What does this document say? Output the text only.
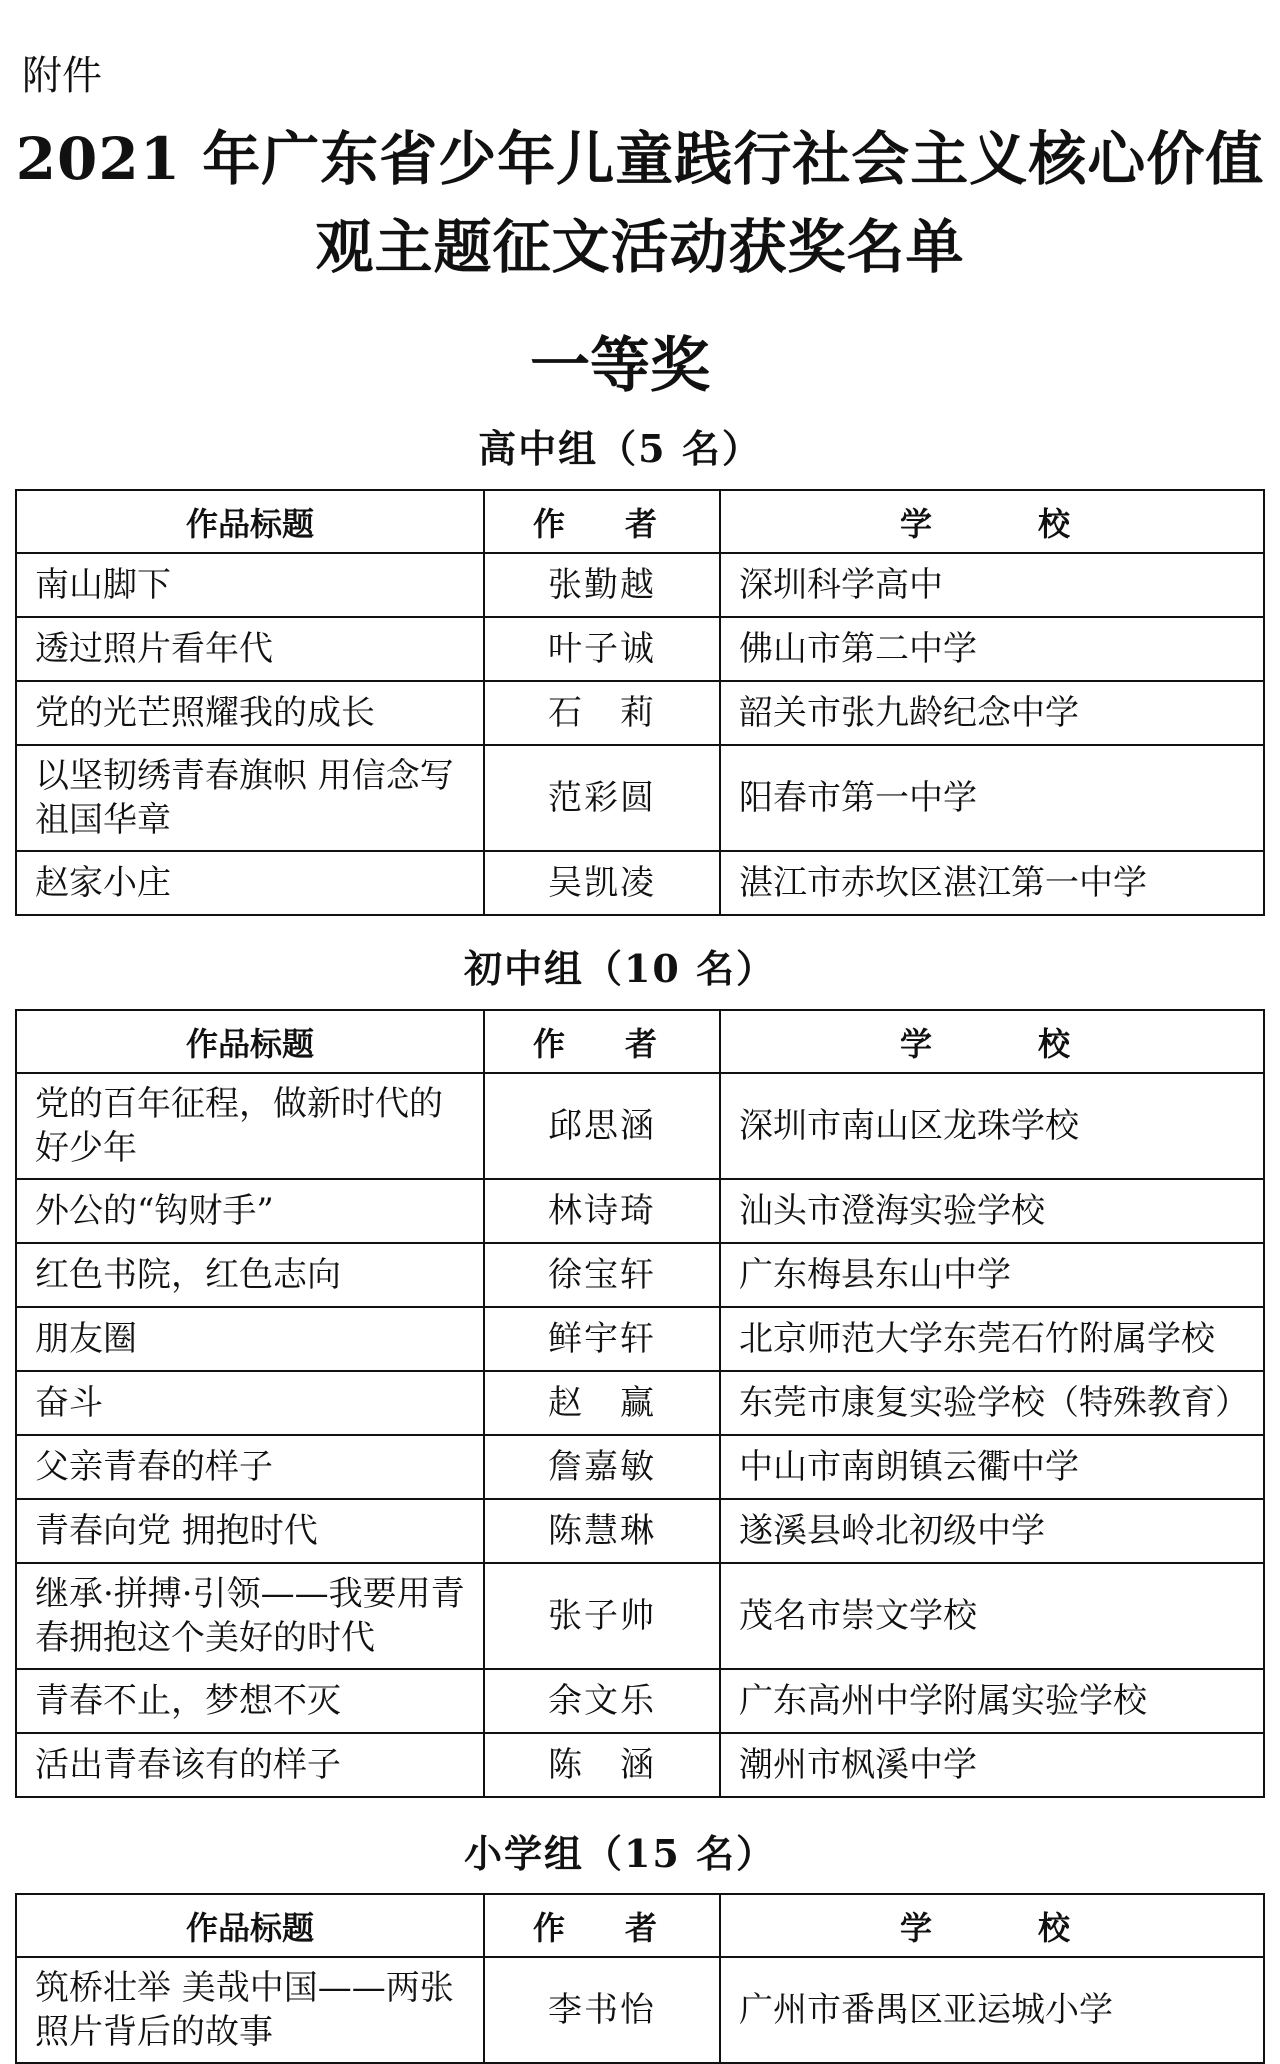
附件
2021 年广东省少年儿童践行社会主义核心价值
观主题征文活动获奖名单
一等奖
高中组（5 名）
作品标题	作　者	学　　校
南山脚下	张勤越	深圳科学高中
透过照片看年代	叶子诚	佛山市第二中学
党的光芒照耀我的成长	石　莉	韶关市张九龄纪念中学
以坚韧绣青春旗帜 用信念写祖国华章	范彩圆	阳春市第一中学
赵家小庄	吴凯凌	湛江市赤坎区湛江第一中学
初中组（10 名）
作品标题	作　者	学　　校
党的百年征程，做新时代的好少年	邱思涵	深圳市南山区龙珠学校
外公的“钩财手”	林诗琦	汕头市澄海实验学校
红色书院，红色志向	徐宝轩	广东梅县东山中学
朋友圈	鲜宇轩	北京师范大学东莞石竹附属学校
奋斗	赵　赢	东莞市康复实验学校（特殊教育）
父亲青春的样子	詹嘉敏	中山市南朗镇云衢中学
青春向党 拥抱时代	陈慧琳	遂溪县岭北初级中学
继承·拼搏·引领——我要用青春拥抱这个美好的时代	张子帅	茂名市崇文学校
青春不止，梦想不灭	余文乐	广东高州中学附属实验学校
活出青春该有的样子	陈　涵	潮州市枫溪中学
小学组（15 名）
作品标题	作　者	学　　校
筑桥壮举 美哉中国——两张照片背后的故事	李书怡	广州市番禺区亚运城小学
